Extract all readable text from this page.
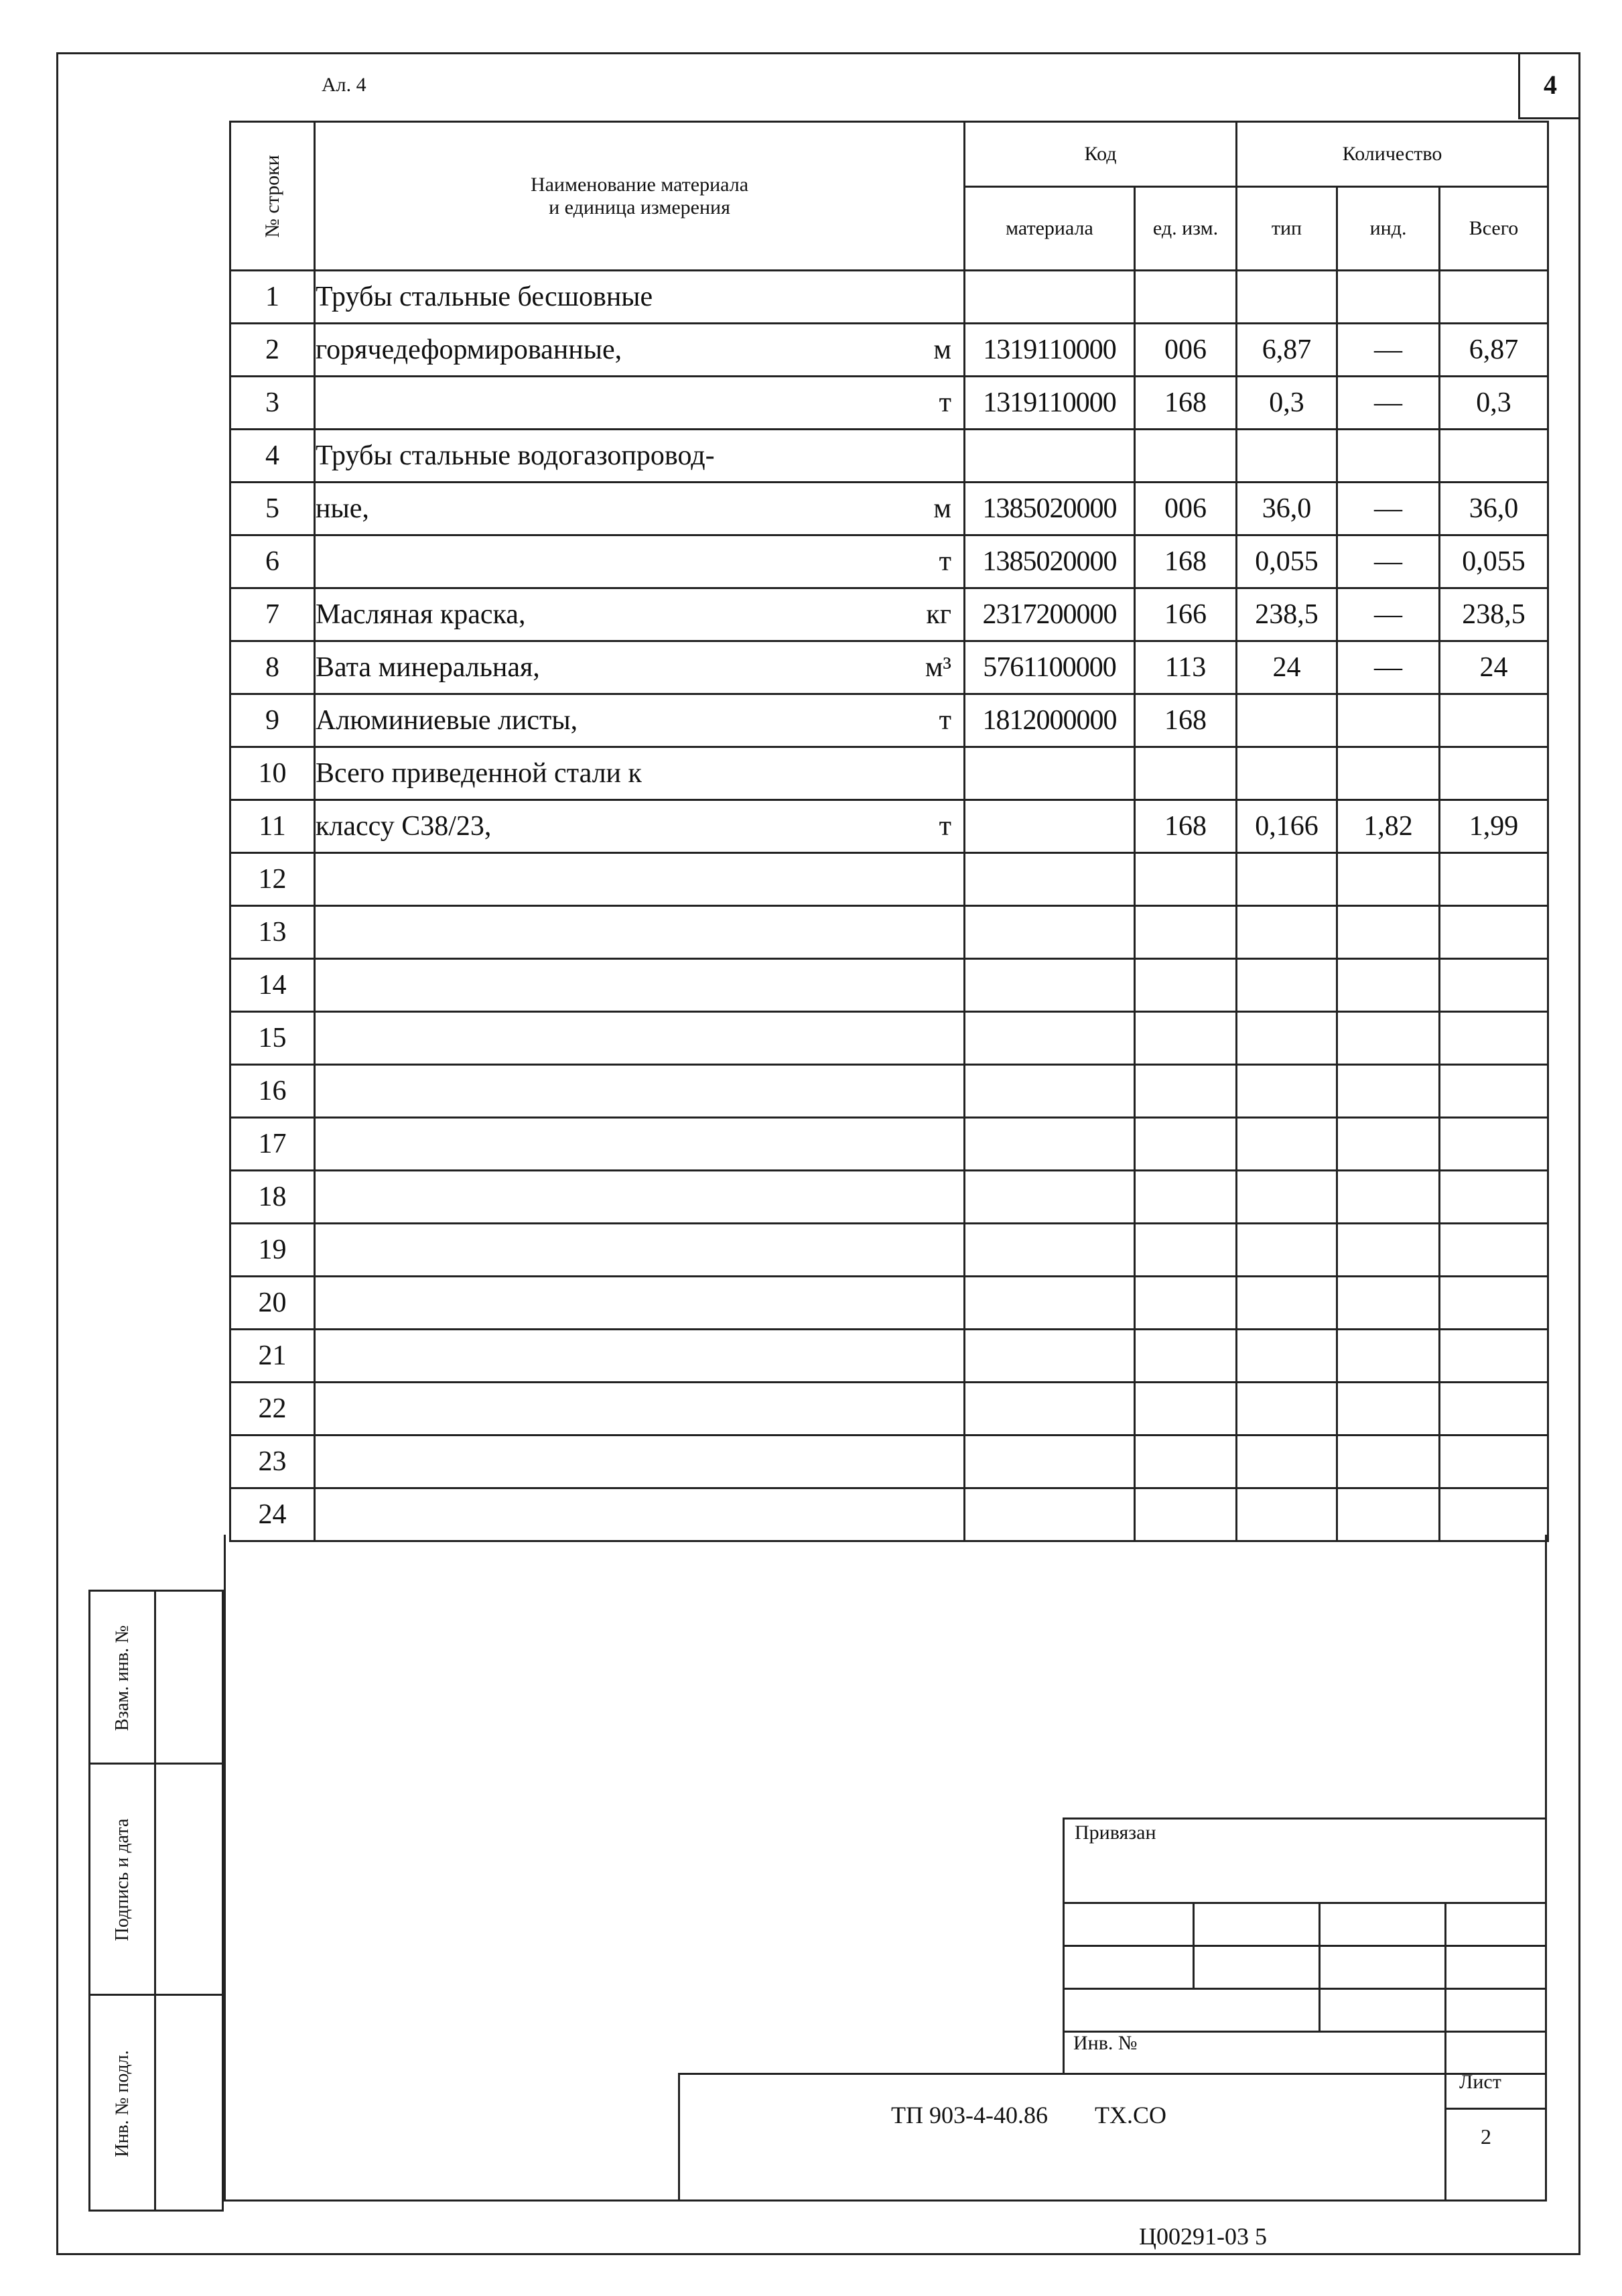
4
Ал. 4
№ строки	Наименование материала
и единица измерения	Код		Количество		
		материала	ед. изм.	тип	инд.	Всего
1	Трубы стальные бесшовные					

2	горячедеформированные, м	1319110000	006	6,87	—	6,87
3	т	1319110000	168	0,3	—	0,3
4	Трубы стальные водогазопровод-					

5	ные, м	1385020000	006	36,0	—	36,0
6	т	1385020000	168	0,055	—	0,055
7	Масляная краска, кг	2317200000	166	238,5	—	238,5
8	Вата минеральная, м³	5761100000	113	24	—	24
9	Алюминиевые листы, т	1812000000	168			
10	Всего приведенной стали к					

11	классу С38/23, т		168	0,166	1,82	1,99
12	

13	

14	

15	

16	

17	

18	

19	

20	

21	

22	

23	

24	

Взам. инв. №
Подпись и дата
Инв. № подл.
Привязан
Инв. №
ТП 903-4-40.86 ТХ.СО
Лист
2
Ц00291-03 5
